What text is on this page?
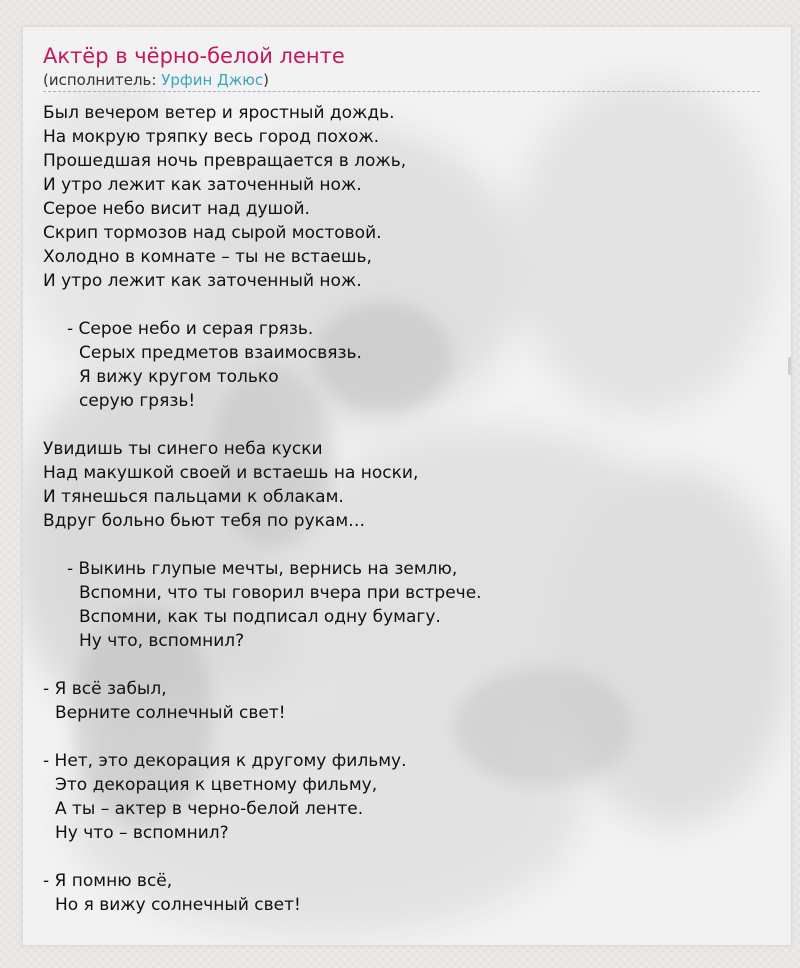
Актёр в чёрно-белой ленте
(исполнитель: Урфин Джюс)
Был вечером ветер и яростный дождь.
На мокрую тряпку весь город похож.
Прошедшая ночь превращается в ложь,
И утро лежит как заточенный нож.
Серое небо висит над душой.
Скрип тормозов над сырой мостовой.
Холодно в комнате – ты не встаешь,
И утро лежит как заточенный нож.
- Серое небо и серая грязь.
Серых предметов взаимосвязь.
Я вижу кругом только
серую грязь!
Увидишь ты синего неба куски
Над макушкой своей и встаешь на носки,
И тянешься пальцами к облакам.
Вдруг больно бьют тебя по рукам…
- Выкинь глупые мечты, вернись на землю,
Вспомни, что ты говорил вчера при встрече.
Вспомни, как ты подписал одну бумагу.
Ну что, вспомнил?
- Я всё забыл,
Верните солнечный свет!
- Нет, это декорация к другому фильму.
Это декорация к цветному фильму,
А ты – актер в черно-белой ленте.
Ну что – вспомнил?
- Я помню всё,
Но я вижу солнечный свет!
